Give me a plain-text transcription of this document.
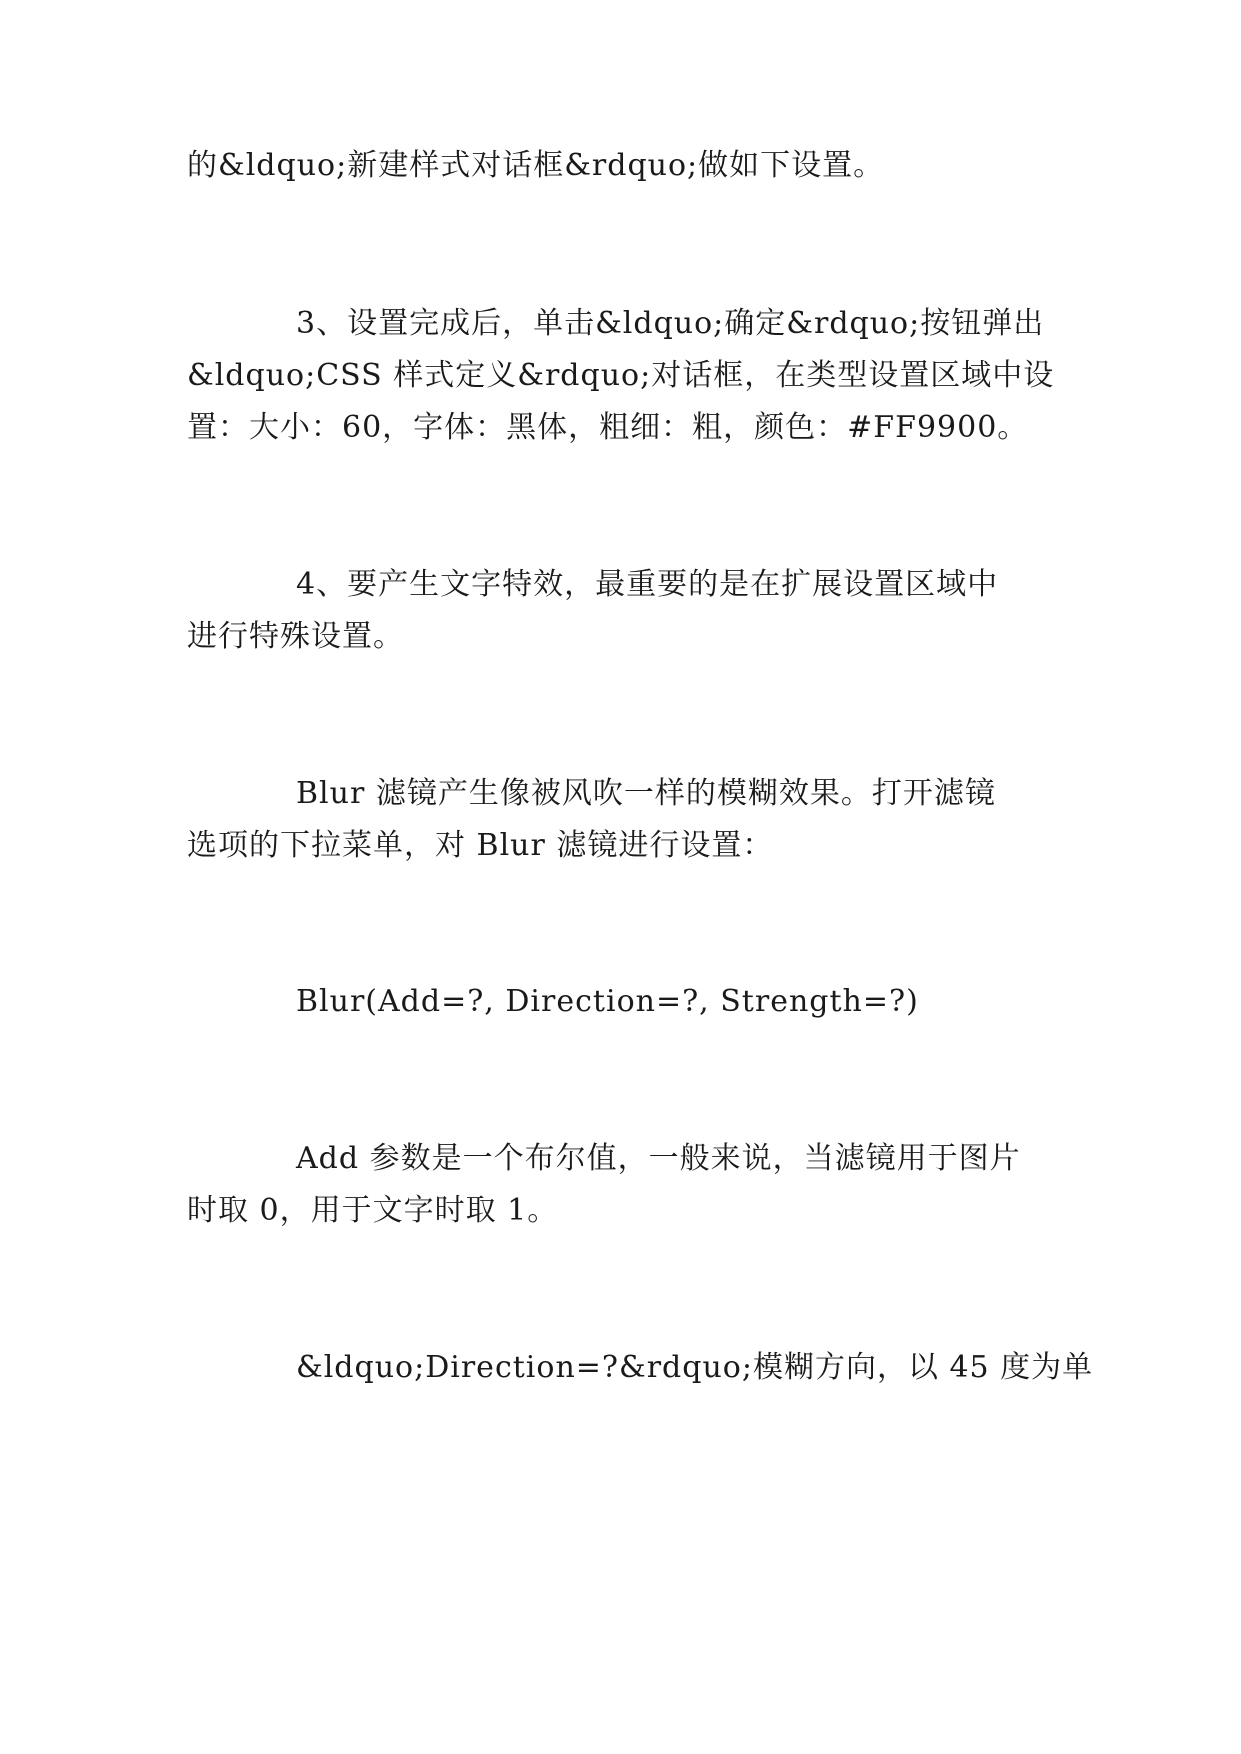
的&ldquo;新建样式对话框&rdquo;做如下设置。
3、设置完成后，单击&ldquo;确定&rdquo;按钮弹出
&ldquo;CSS 样式定义&rdquo;对话框，在类型设置区域中设
置：大小：60，字体：黑体，粗细：粗，颜色：#FF9900。
4、要产生文字特效，最重要的是在扩展设置区域中
进行特殊设置。
Blur 滤镜产生像被风吹一样的模糊效果。打开滤镜
选项的下拉菜单，对 Blur 滤镜进行设置：
Blur(Add=?, Direction=?, Strength=?)
Add 参数是一个布尔值，一般来说，当滤镜用于图片
时取 0，用于文字时取 1。
&ldquo;Direction=?&rdquo;模糊方向，以 45 度为单
